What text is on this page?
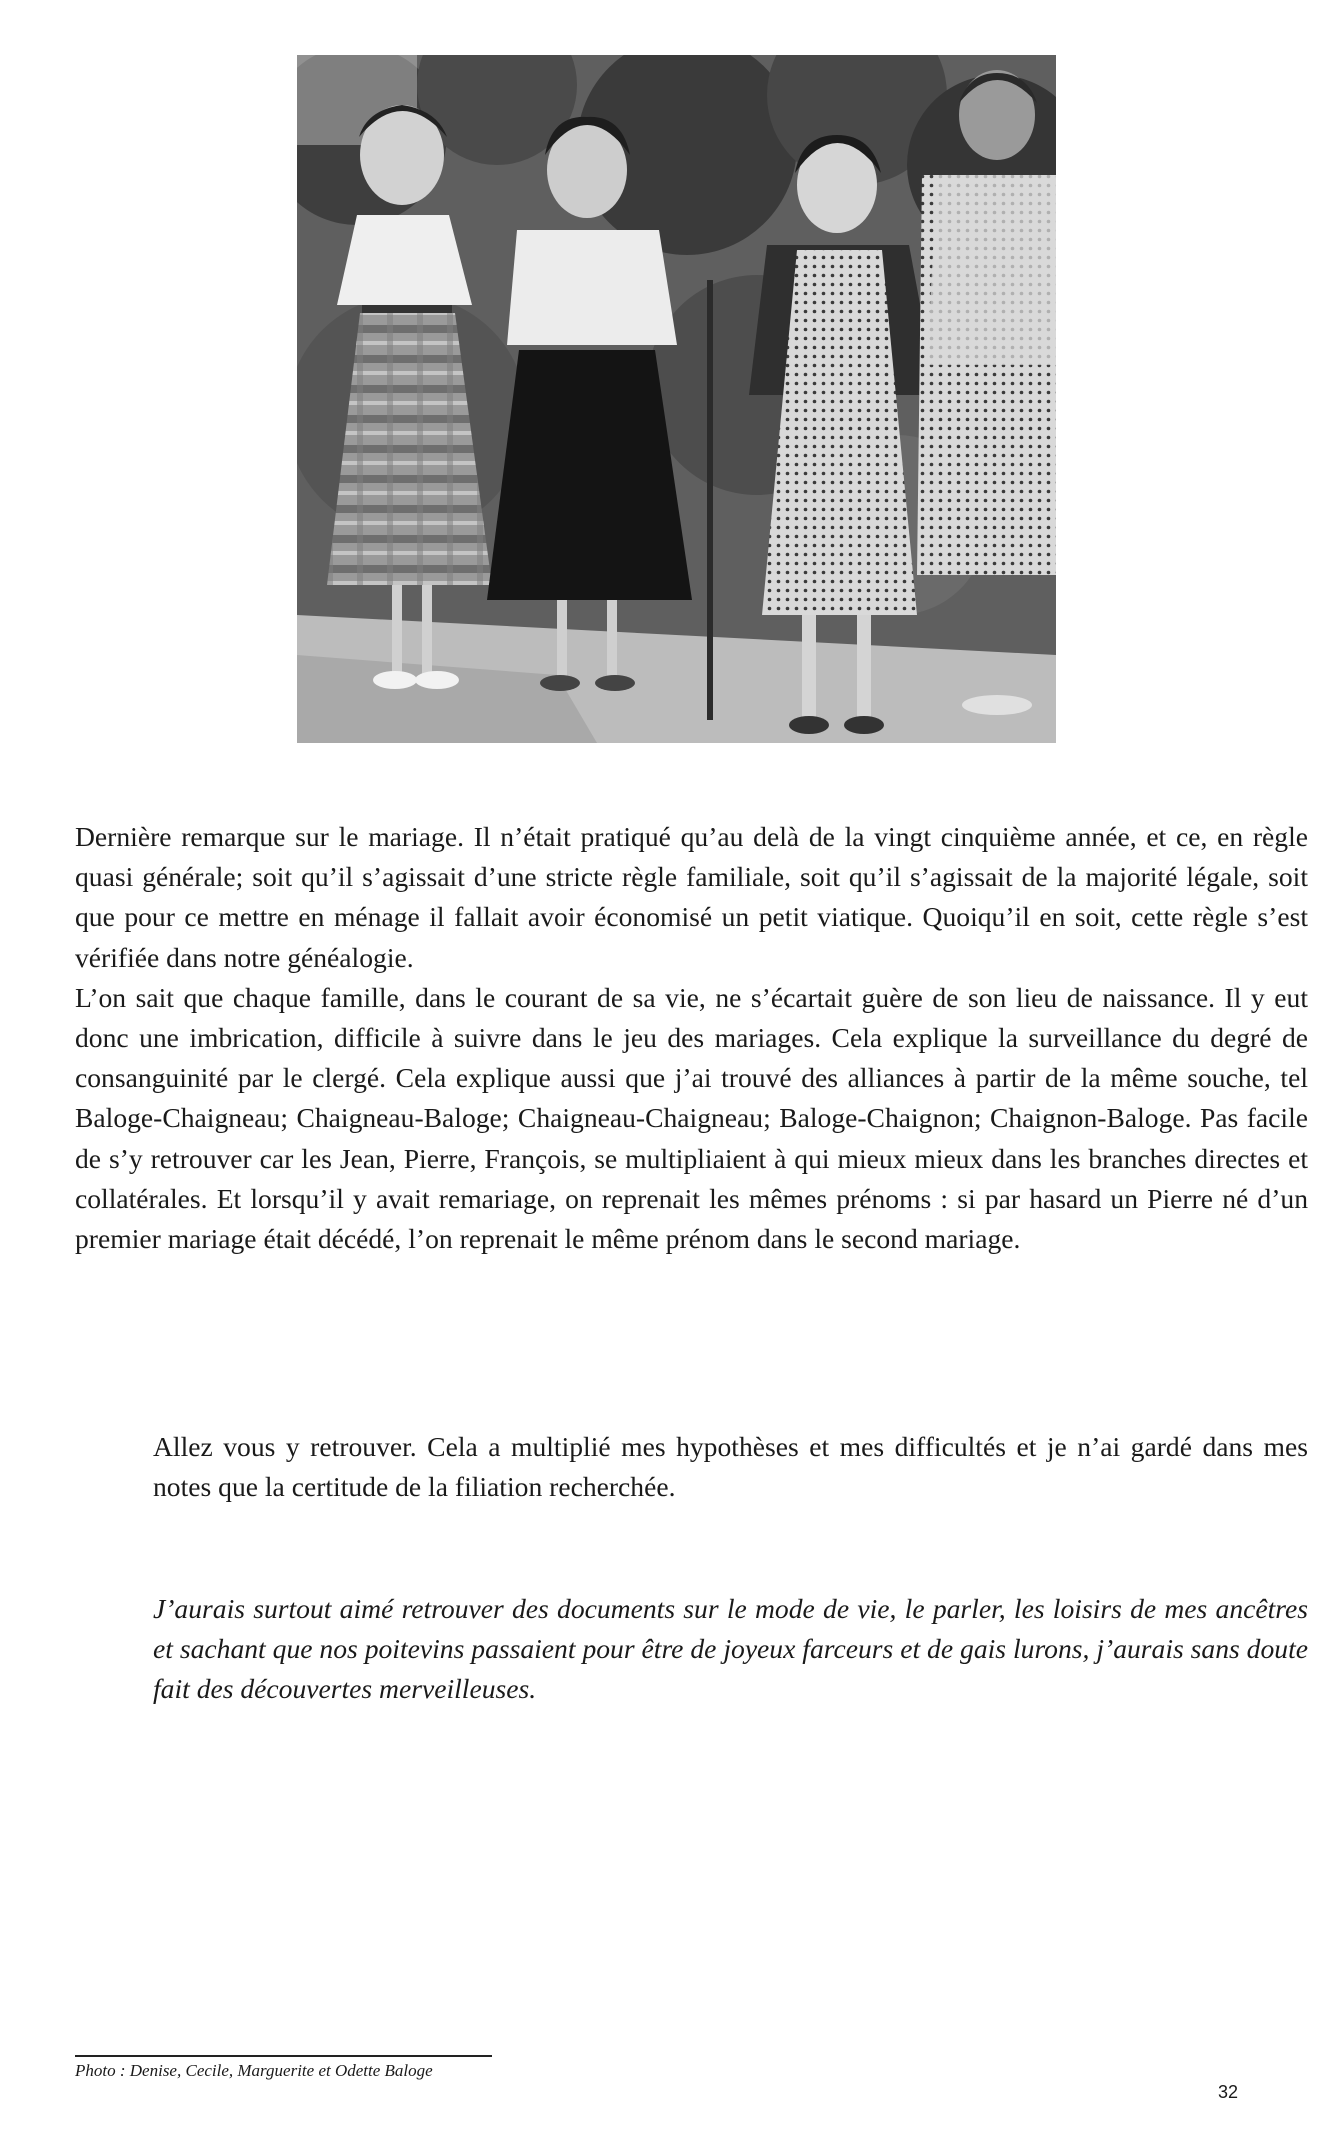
Dernière remarque sur le mariage. Il n’était pratiqué qu’au delà de la vingt cinquième année, et ce, en règle quasi générale; soit qu’il s’agissait d’une stricte règle familiale, soit qu’il s’agissait de la majorité légale, soit que pour ce mettre en ménage il fallait avoir économisé un petit viatique. Quoiqu’il en soit, cette règle s’est vérifiée dans notre généalogie.

L’on sait que chaque famille, dans le courant de sa vie, ne s’écartait guère de son lieu de naissance. Il y eut donc une imbrication, difficile à suivre dans le jeu des mariages. Cela explique la surveillance du degré de consanguinité par le clergé. Cela explique aussi que j’ai trouvé des alliances à partir de la même souche, tel Baloge-Chaigneau; Chaigneau-Baloge; Chaigneau-Chaigneau; Baloge-Chaignon; Chaignon-Baloge. Pas facile de s’y retrouver car les Jean, Pierre, François, se multipliaient à qui mieux mieux dans les branches directes et collatérales. Et lorsqu’il y avait remariage, on reprenait les mêmes prénoms : si par hasard un Pierre né d’un premier mariage était décédé, l’on reprenait le même prénom dans le second mariage.

Allez vous y retrouver. Cela a multiplié mes hypothèses et mes difficultés et je n’ai gardé dans mes notes que la certitude de la filiation recherchée.

J’aurais surtout aimé retrouver des documents sur le mode de vie, le parler, les loisirs de mes ancêtres et sachant que nos poitevins passaient pour être de joyeux farceurs et de gais lurons, j’aurais sans doute fait des découvertes merveilleuses.

Photo : Denise, Cecile, Marguerite et Odette Baloge
32
